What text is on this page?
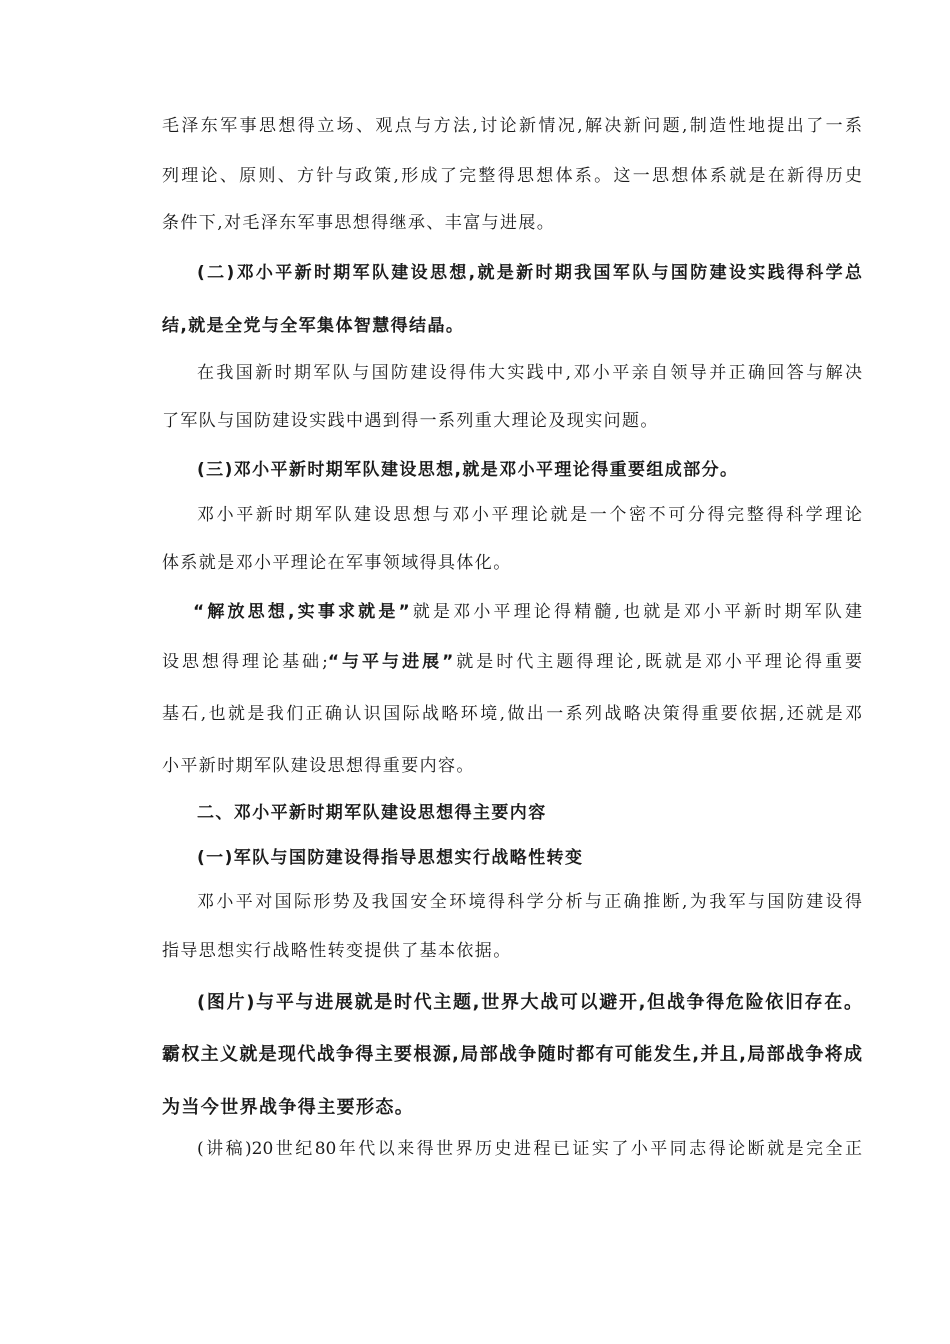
毛泽东军事思想得立场、观点与方法,讨论新情况,解决新问题,制造性地提出了一系
列理论、原则、方针与政策,形成了完整得思想体系。这一思想体系就是在新得历史
条件下,对毛泽东军事思想得继承、丰富与进展。
(二)邓小平新时期军队建设思想,就是新时期我国军队与国防建设实践得科学总
结,就是全党与全军集体智慧得结晶。
在我国新时期军队与国防建设得伟大实践中,邓小平亲自领导并正确回答与解决
了军队与国防建设实践中遇到得一系列重大理论及现实问题。
(三)邓小平新时期军队建设思想,就是邓小平理论得重要组成部分。
邓小平新时期军队建设思想与邓小平理论就是一个密不可分得完整得科学理论
体系就是邓小平理论在军事领域得具体化。
“解放思想,实事求就是”就是邓小平理论得精髓,也就是邓小平新时期军队建
设思想得理论基础;“与平与进展”就是时代主题得理论,既就是邓小平理论得重要
基石,也就是我们正确认识国际战略环境,做出一系列战略决策得重要依据,还就是邓
小平新时期军队建设思想得重要内容。
二、邓小平新时期军队建设思想得主要内容
(一)军队与国防建设得指导思想实行战略性转变
邓小平对国际形势及我国安全环境得科学分析与正确推断,为我军与国防建设得
指导思想实行战略性转变提供了基本依据。
(图片)与平与进展就是时代主题,世界大战可以避开,但战争得危险依旧存在。
霸权主义就是现代战争得主要根源,局部战争随时都有可能发生,并且,局部战争将成
为当今世界战争得主要形态。
(讲稿)20世纪80年代以来得世界历史进程已证实了小平同志得论断就是完全正
